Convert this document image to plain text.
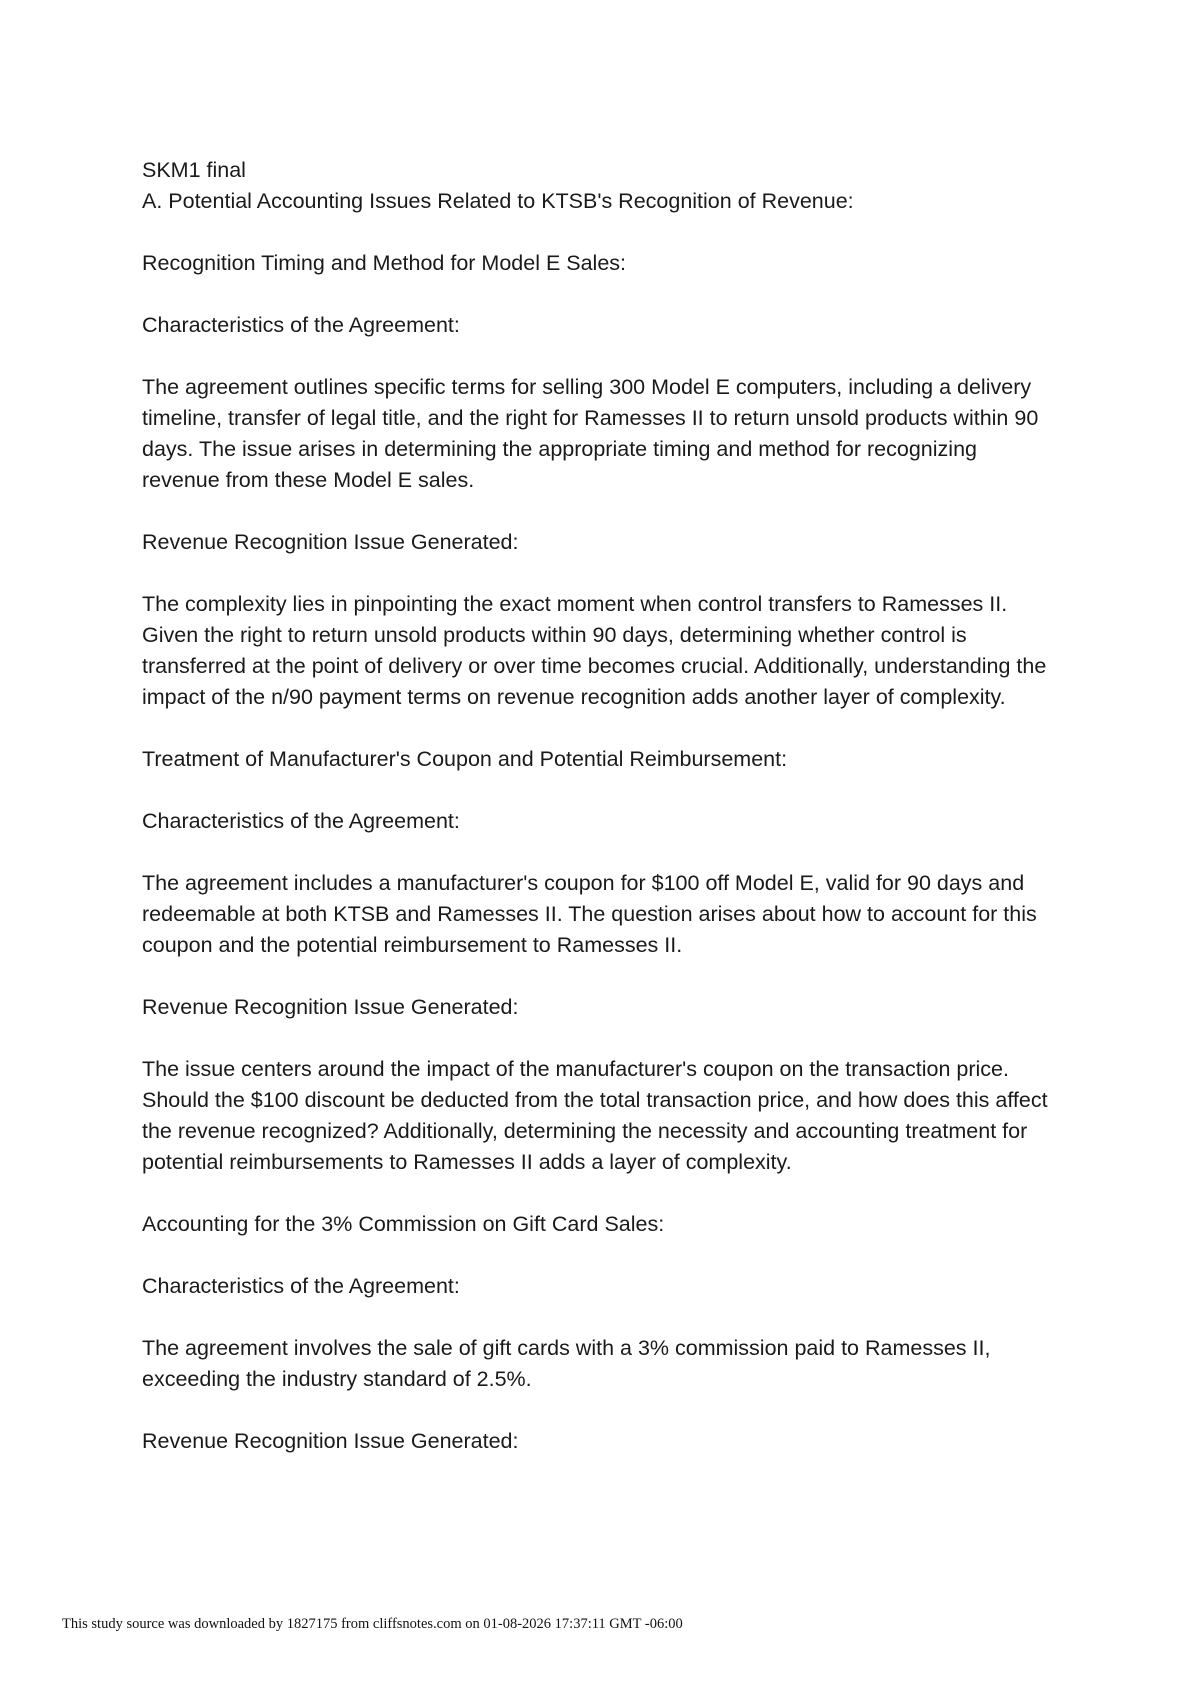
SKM1 final

A. Potential Accounting Issues Related to KTSB's Recognition of Revenue:

Recognition Timing and Method for Model E Sales:

Characteristics of the Agreement:

The agreement outlines specific terms for selling 300 Model E computers, including a delivery

timeline, transfer of legal title, and the right for Ramesses II to return unsold products within 90

days. The issue arises in determining the appropriate timing and method for recognizing

revenue from these Model E sales.

Revenue Recognition Issue Generated:

The complexity lies in pinpointing the exact moment when control transfers to Ramesses II.

Given the right to return unsold products within 90 days, determining whether control is

transferred at the point of delivery or over time becomes crucial. Additionally, understanding the

impact of the n/90 payment terms on revenue recognition adds another layer of complexity.

Treatment of Manufacturer's Coupon and Potential Reimbursement:

Characteristics of the Agreement:

The agreement includes a manufacturer's coupon for $100 off Model E, valid for 90 days and

redeemable at both KTSB and Ramesses II. The question arises about how to account for this

coupon and the potential reimbursement to Ramesses II.

Revenue Recognition Issue Generated:

The issue centers around the impact of the manufacturer's coupon on the transaction price.

Should the $100 discount be deducted from the total transaction price, and how does this affect

the revenue recognized? Additionally, determining the necessity and accounting treatment for

potential reimbursements to Ramesses II adds a layer of complexity.

Accounting for the 3% Commission on Gift Card Sales:

Characteristics of the Agreement:

The agreement involves the sale of gift cards with a 3% commission paid to Ramesses II,

exceeding the industry standard of 2.5%.

Revenue Recognition Issue Generated:

This study source was downloaded by 1827175 from cliffsnotes.com on 01-08-2026 17:37:11 GMT -06:00
